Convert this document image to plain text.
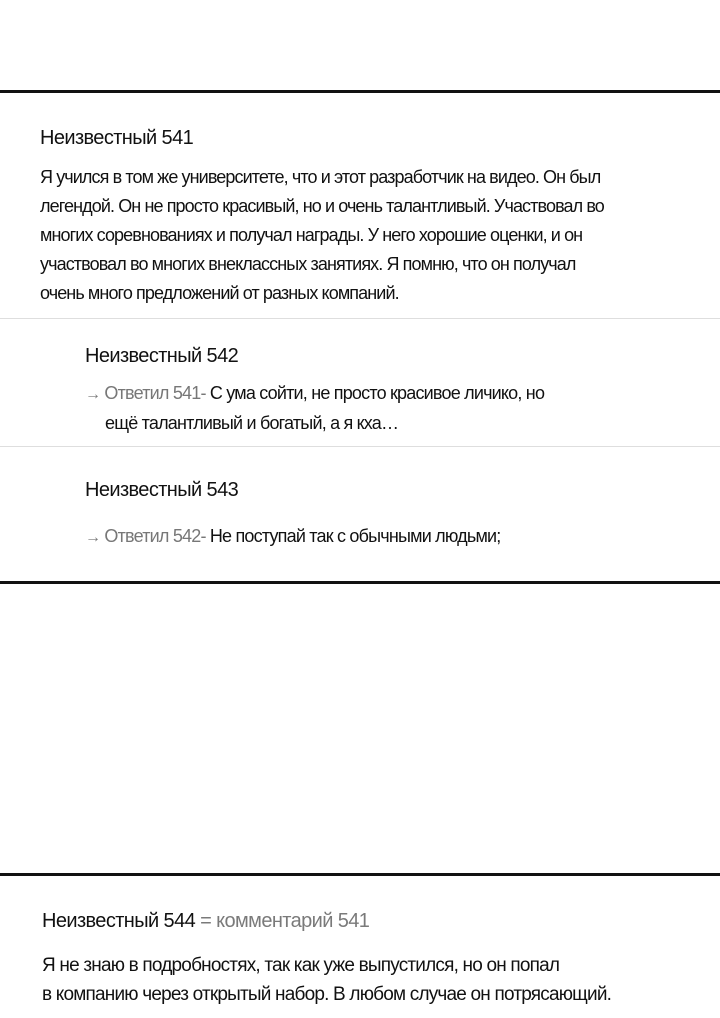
Неизвестный 541
Я учился в том же университете, что и этот разработчик на видео. Он был
легендой. Он не просто красивый, но и очень талантливый. Участвовал во
многих соревнованиях и получал награды. У него хорошие оценки, и он
участвовал во многих внеклассных занятиях. Я помню, что он получал
очень много предложений от разных компаний.
Неизвестный 542
→ Ответил 541- С ума сойти, не просто красивое личико, но
ещё талантливый и богатый, а я кха…
Неизвестный 543
→ Ответил 542- Не поступай так с обычными людьми;
Неизвестный 544 = комментарий 541
Я не знаю в подробностях, так как уже выпустился, но он попал
в компанию через открытый набор. В любом случае он потрясающий.
